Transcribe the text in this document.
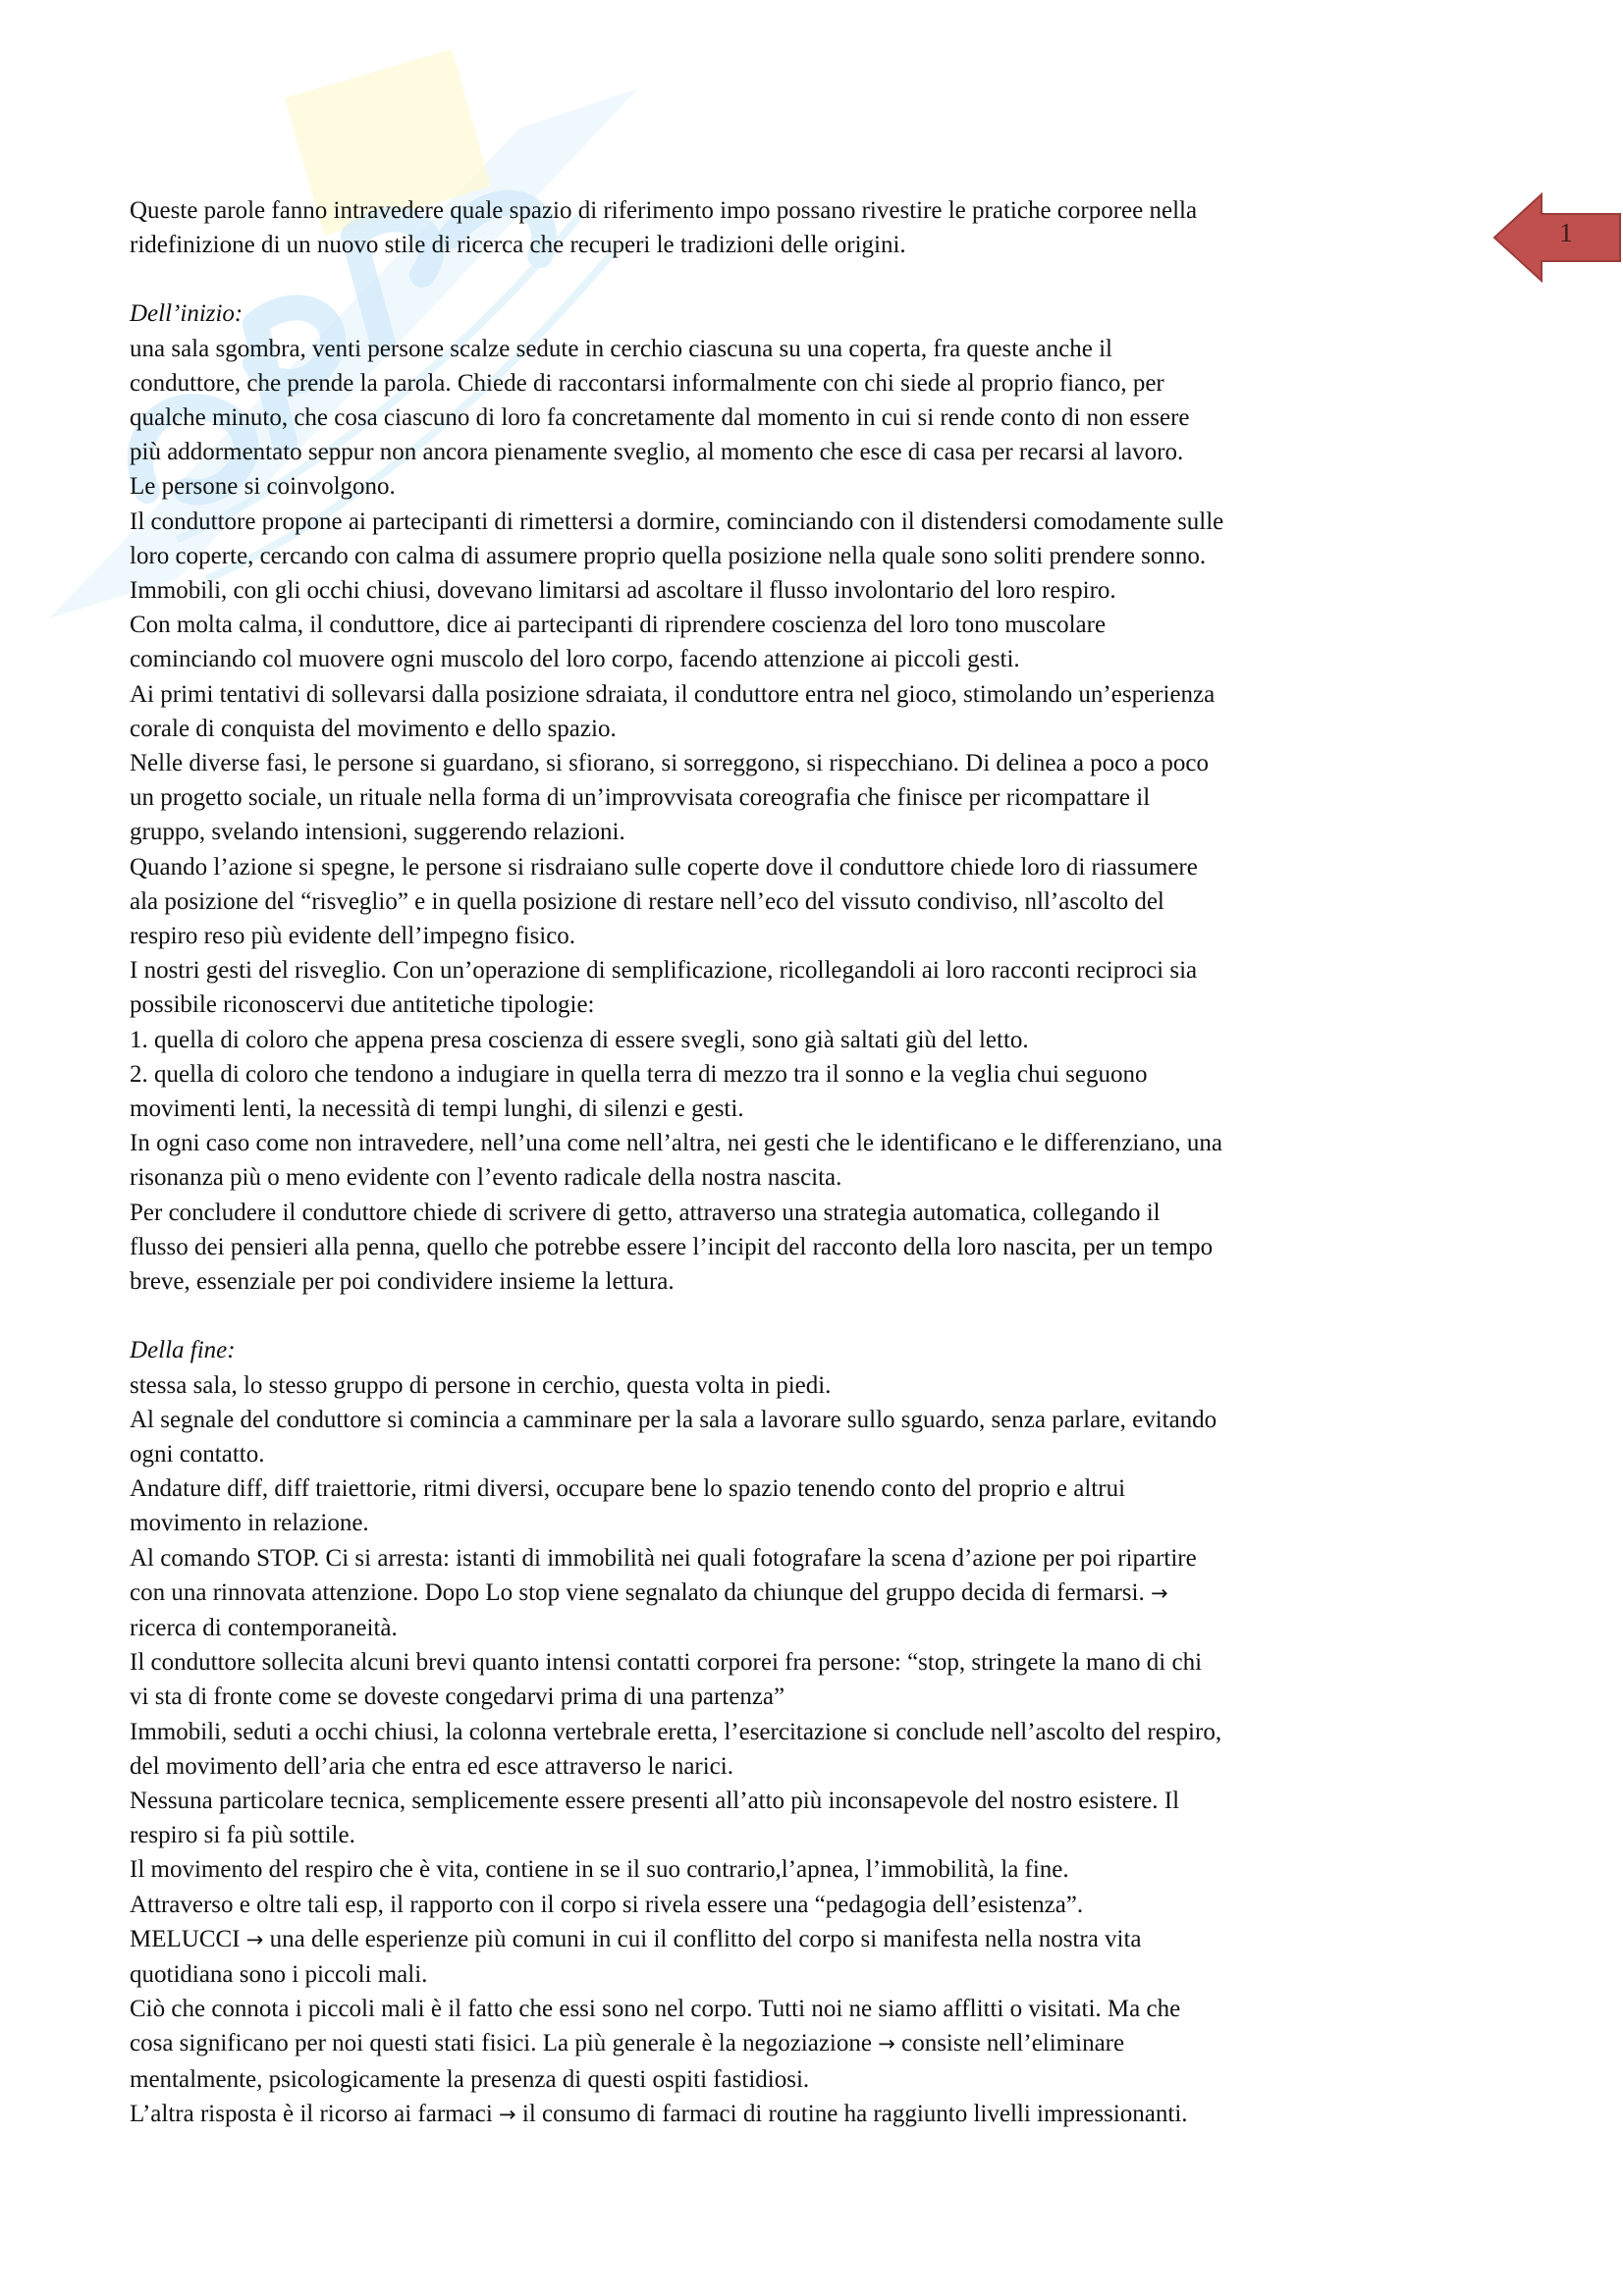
1

Queste parole fanno intravedere quale spazio di riferimento impo possano rivestire le pratiche corporee nella

ridefinizione di un nuovo stile di ricerca che recuperi le tradizioni delle origini.

Dell’inizio:

una sala sgombra, venti persone scalze sedute in cerchio ciascuna su una coperta, fra queste anche il

conduttore, che prende la parola. Chiede di raccontarsi informalmente con chi siede al proprio fianco, per

qualche minuto, che cosa ciascuno di loro fa concretamente dal momento in cui si rende conto di non essere

più addormentato seppur non ancora pienamente sveglio, al momento che esce di casa per recarsi al lavoro.

Le persone si coinvolgono.

Il conduttore propone ai partecipanti di rimettersi a dormire, cominciando con il distendersi comodamente sulle

loro coperte, cercando con calma di assumere proprio quella posizione nella quale sono soliti prendere sonno.

Immobili, con gli occhi chiusi, dovevano limitarsi ad ascoltare il flusso involontario del loro respiro.

Con molta calma, il conduttore, dice ai partecipanti di riprendere coscienza del loro tono muscolare

cominciando col muovere ogni muscolo del loro corpo, facendo attenzione ai piccoli gesti.

Ai primi tentativi di sollevarsi dalla posizione sdraiata, il conduttore entra nel gioco, stimolando un’esperienza

corale di conquista del movimento e dello spazio.

Nelle diverse fasi, le persone si guardano, si sfiorano, si sorreggono, si rispecchiano. Di delinea a poco a poco

un progetto sociale, un rituale nella forma di un’improvvisata coreografia che finisce per ricompattare il

gruppo, svelando intensioni, suggerendo relazioni.

Quando l’azione si spegne, le persone si risdraiano sulle coperte dove il conduttore chiede loro di riassumere

ala posizione del “risveglio” e in quella posizione di restare nell’eco del vissuto condiviso, nll’ascolto del

respiro reso più evidente dell’impegno fisico.

I nostri gesti del risveglio. Con un’operazione di semplificazione, ricollegandoli ai loro racconti reciproci sia

possibile riconoscervi due antitetiche tipologie:

1. quella di coloro che appena presa coscienza di essere svegli, sono già saltati giù del letto.

2. quella di coloro che tendono a indugiare in quella terra di mezzo tra il sonno e la veglia chui seguono

movimenti lenti, la necessità di tempi lunghi, di silenzi e gesti.

In ogni caso come non intravedere, nell’una come nell’altra, nei gesti che le identificano e le differenziano, una

risonanza più o meno evidente con l’evento radicale della nostra nascita.

Per concludere il conduttore chiede di scrivere di getto, attraverso una strategia automatica, collegando il

flusso dei pensieri alla penna, quello che potrebbe essere l’incipit del racconto della loro nascita, per un tempo

breve, essenziale per poi condividere insieme la lettura.

Della fine:

stessa sala, lo stesso gruppo di persone in cerchio, questa volta in piedi.

Al segnale del conduttore si comincia a camminare per la sala a lavorare sullo sguardo, senza parlare, evitando

ogni contatto.

Andature diff, diff traiettorie, ritmi diversi, occupare bene lo spazio tenendo conto del proprio e altrui

movimento in relazione.

Al comando STOP. Ci si arresta: istanti di immobilità nei quali fotografare la scena d’azione per poi ripartire

con una rinnovata attenzione. Dopo Lo stop viene segnalato da chiunque del gruppo decida di fermarsi. →

ricerca di contemporaneità.

Il conduttore sollecita alcuni brevi quanto intensi contatti corporei fra persone: “stop, stringete la mano di chi

vi sta di fronte come se doveste congedarvi prima di una partenza”

Immobili, seduti a occhi chiusi, la colonna vertebrale eretta, l’esercitazione si conclude nell’ascolto del respiro,

del movimento dell’aria che entra ed esce attraverso le narici.

Nessuna particolare tecnica, semplicemente essere presenti all’atto più inconsapevole del nostro esistere. Il

respiro si fa più sottile.

Il movimento del respiro che è vita, contiene in se il suo contrario,l’apnea, l’immobilità, la fine.

Attraverso e oltre tali esp, il rapporto con il corpo si rivela essere una “pedagogia dell’esistenza”.

MELUCCI → una delle esperienze più comuni in cui il conflitto del corpo si manifesta nella nostra vita

quotidiana sono i piccoli mali.

Ciò che connota i piccoli mali è il fatto che essi sono nel corpo. Tutti noi ne siamo afflitti o visitati. Ma che

cosa significano per noi questi stati fisici. La più generale è la negoziazione → consiste nell’eliminare

mentalmente, psicologicamente la presenza di questi ospiti fastidiosi.

L’altra risposta è il ricorso ai farmaci → il consumo di farmaci di routine ha raggiunto livelli impressionanti.
